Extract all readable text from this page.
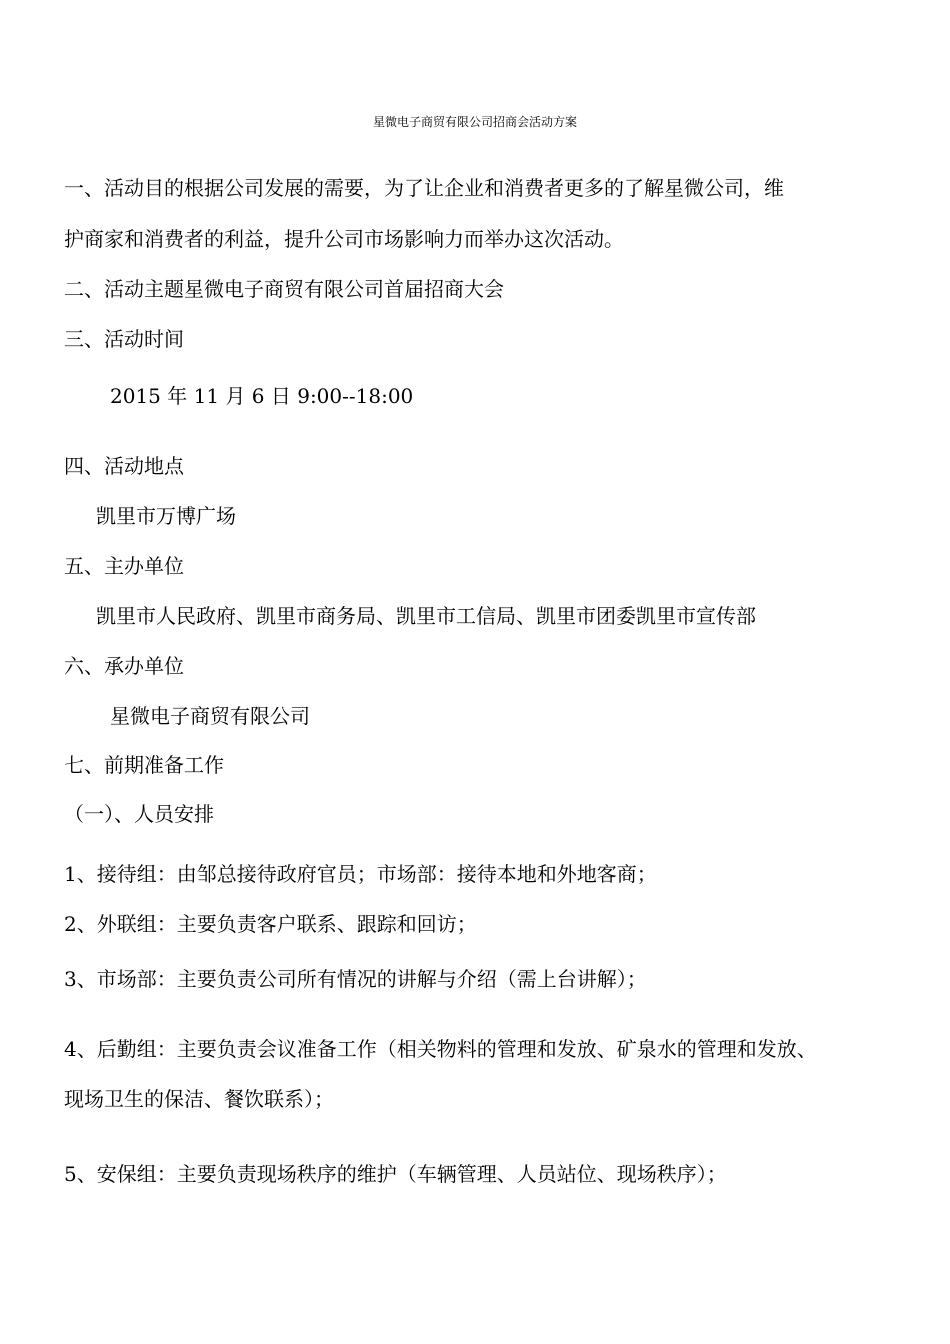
星微电子商贸有限公司招商会活动方案
一、活动目的根据公司发展的需要，为了让企业和消费者更多的了解星微公司，维
护商家和消费者的利益，提升公司市场影响力而举办这次活动。
二、活动主题星微电子商贸有限公司首届招商大会
三、活动时间
2015 年 11 月 6 日 9:00--18:00
四、活动地点
凯里市万博广场
五、主办单位
凯里市人民政府、凯里市商务局、凯里市工信局、凯里市团委凯里市宣传部
六、承办单位
星微电子商贸有限公司
七、前期准备工作
（一）、人员安排
1、接待组：由邹总接待政府官员；市场部：接待本地和外地客商；
2、外联组：主要负责客户联系、跟踪和回访；
3、市场部：主要负责公司所有情况的讲解与介绍（需上台讲解）；
4、后勤组：主要负责会议准备工作（相关物料的管理和发放、矿泉水的管理和发放、
现场卫生的保洁、餐饮联系）；
5、安保组：主要负责现场秩序的维护（车辆管理、人员站位、现场秩序）；
